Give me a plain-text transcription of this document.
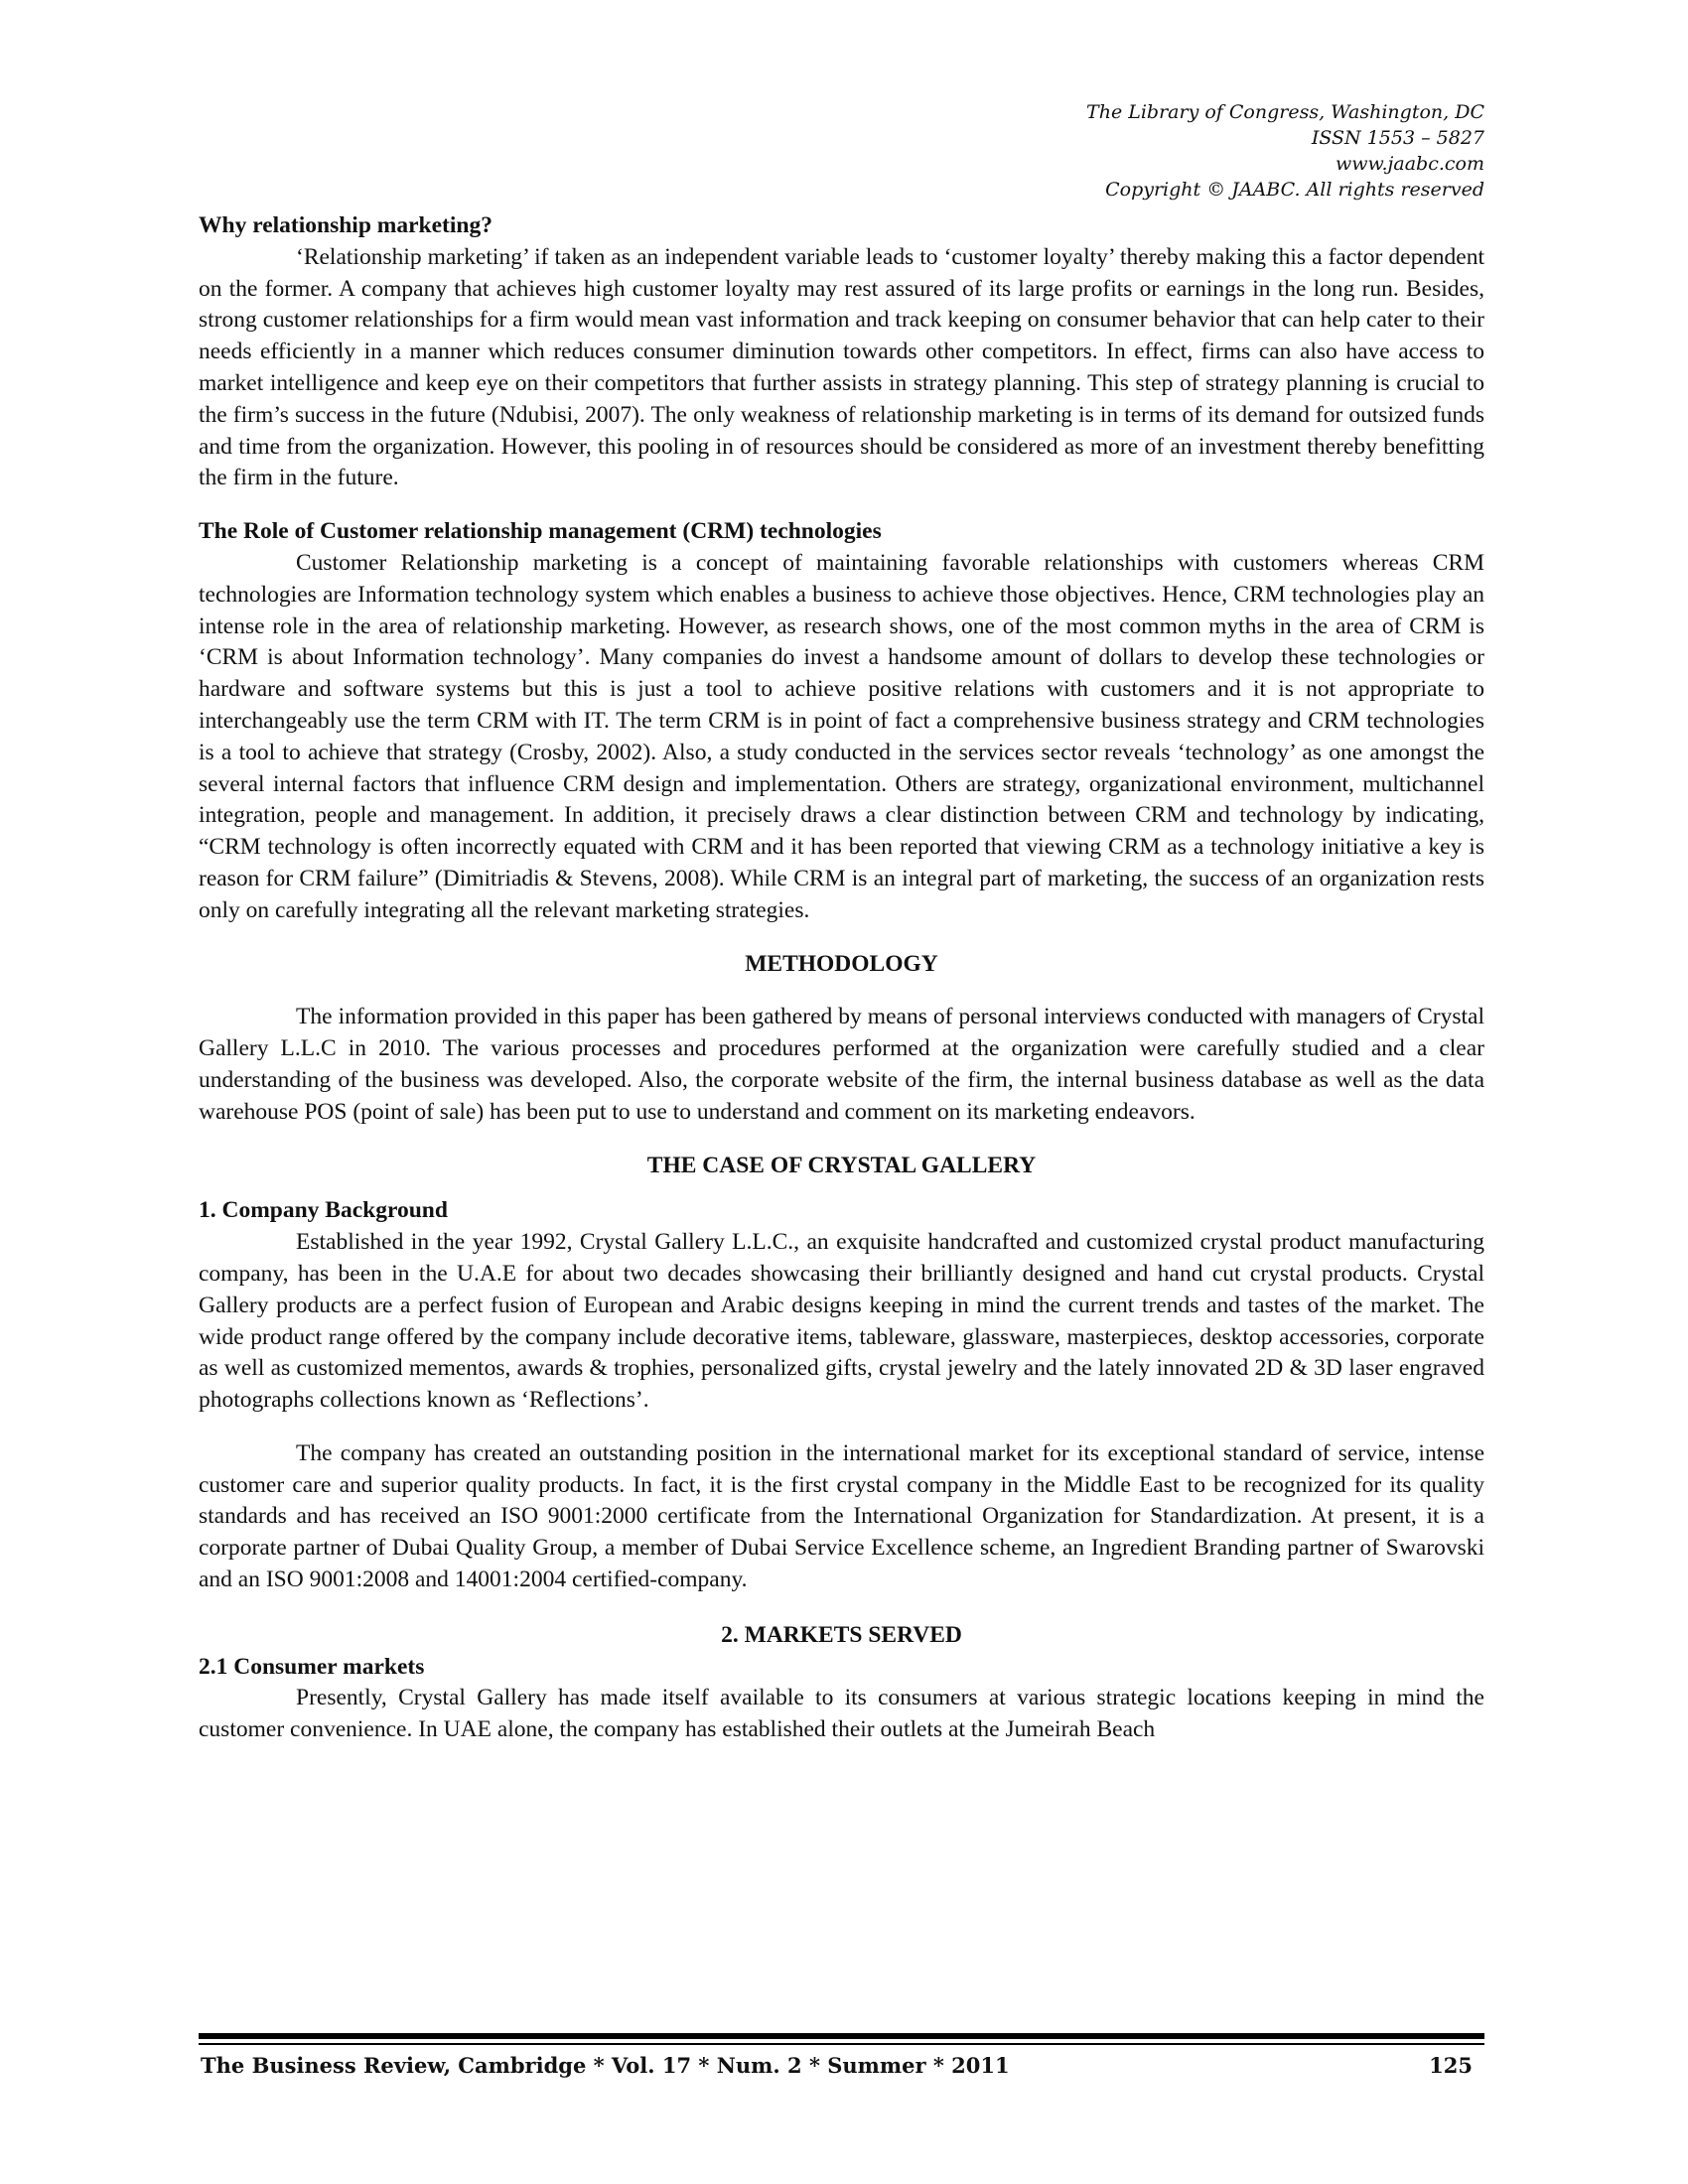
The Library of Congress, Washington, DC
ISSN 1553 – 5827
www.jaabc.com
Copyright © JAABC. All rights reserved
Why relationship marketing?

‘Relationship marketing’ if taken as an independent variable leads to ‘customer loyalty’ thereby making this a factor dependent on the former. A company that achieves high customer loyalty may rest assured of its large profits or earnings in the long run. Besides, strong customer relationships for a firm would mean vast information and track keeping on consumer behavior that can help cater to their needs efficiently in a manner which reduces consumer diminution towards other competitors. In effect, firms can also have access to market intelligence and keep eye on their competitors that further assists in strategy planning. This step of strategy planning is crucial to the firm’s success in the future (Ndubisi, 2007). The only weakness of relationship marketing is in terms of its demand for outsized funds and time from the organization. However, this pooling in of resources should be considered as more of an investment thereby benefitting the firm in the future.

The Role of Customer relationship management (CRM) technologies

Customer Relationship marketing is a concept of maintaining favorable relationships with customers whereas CRM technologies are Information technology system which enables a business to achieve those objectives. Hence, CRM technologies play an intense role in the area of relationship marketing. However, as research shows, one of the most common myths in the area of CRM is ‘CRM is about Information technology’. Many companies do invest a handsome amount of dollars to develop these technologies or hardware and software systems but this is just a tool to achieve positive relations with customers and it is not appropriate to interchangeably use the term CRM with IT. The term CRM is in point of fact a comprehensive business strategy and CRM technologies is a tool to achieve that strategy (Crosby, 2002). Also, a study conducted in the services sector reveals ‘technology’ as one amongst the several internal factors that influence CRM design and implementation. Others are strategy, organizational environment, multichannel integration, people and management. In addition, it precisely draws a clear distinction between CRM and technology by indicating, “CRM technology is often incorrectly equated with CRM and it has been reported that viewing CRM as a technology initiative a key is reason for CRM failure” (Dimitriadis & Stevens, 2008). While CRM is an integral part of marketing, the success of an organization rests only on carefully integrating all the relevant marketing strategies.

METHODOLOGY

The information provided in this paper has been gathered by means of personal interviews conducted with managers of Crystal Gallery L.L.C in 2010. The various processes and procedures performed at the organization were carefully studied and a clear understanding of the business was developed. Also, the corporate website of the firm, the internal business database as well as the data warehouse POS (point of sale) has been put to use to understand and comment on its marketing endeavors.

THE CASE OF CRYSTAL GALLERY
1. Company Background

Established in the year 1992, Crystal Gallery L.L.C., an exquisite handcrafted and customized crystal product manufacturing company, has been in the U.A.E for about two decades showcasing their brilliantly designed and hand cut crystal products. Crystal Gallery products are a perfect fusion of European and Arabic designs keeping in mind the current trends and tastes of the market. The wide product range offered by the company include decorative items, tableware, glassware, masterpieces, desktop accessories, corporate as well as customized mementos, awards & trophies, personalized gifts, crystal jewelry and the lately innovated 2D & 3D laser engraved photographs collections known as ‘Reflections’.

The company has created an outstanding position in the international market for its exceptional standard of service, intense customer care and superior quality products. In fact, it is the first crystal company in the Middle East to be recognized for its quality standards and has received an ISO 9001:2000 certificate from the International Organization for Standardization. At present, it is a corporate partner of Dubai Quality Group, a member of Dubai Service Excellence scheme, an Ingredient Branding partner of Swarovski and an ISO 9001:2008 and 14001:2004 certified-company.

2. MARKETS SERVED
2.1 Consumer markets

Presently, Crystal Gallery has made itself available to its consumers at various strategic locations keeping in mind the customer convenience. In UAE alone, the company has established their outlets at the Jumeirah Beach

The Business Review, Cambridge * Vol. 17 * Num. 2 * Summer * 2011	125
